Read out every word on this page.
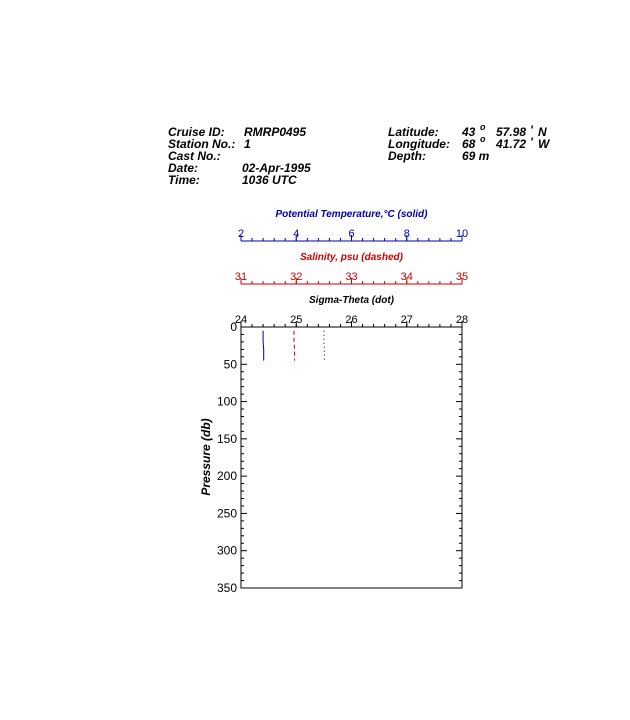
Cruise ID: RMRP0495
Station No.: 1
Cast No.:
Date:	02-Apr-1995
Time:	1036 UTC
Latitude: 43 o 57.98 ' N
Longitude: 68 o 41.72 ' W
Depth:	69 m
Potential Temperature,°C (solid)
2	4	6	8	10
Salinity, psu (dashed)
31	32	33	34	35
Sigma-Theta (dot)
24	25	26	27	28
0
50
100
150
200
250
300
350
Pressure (db)
